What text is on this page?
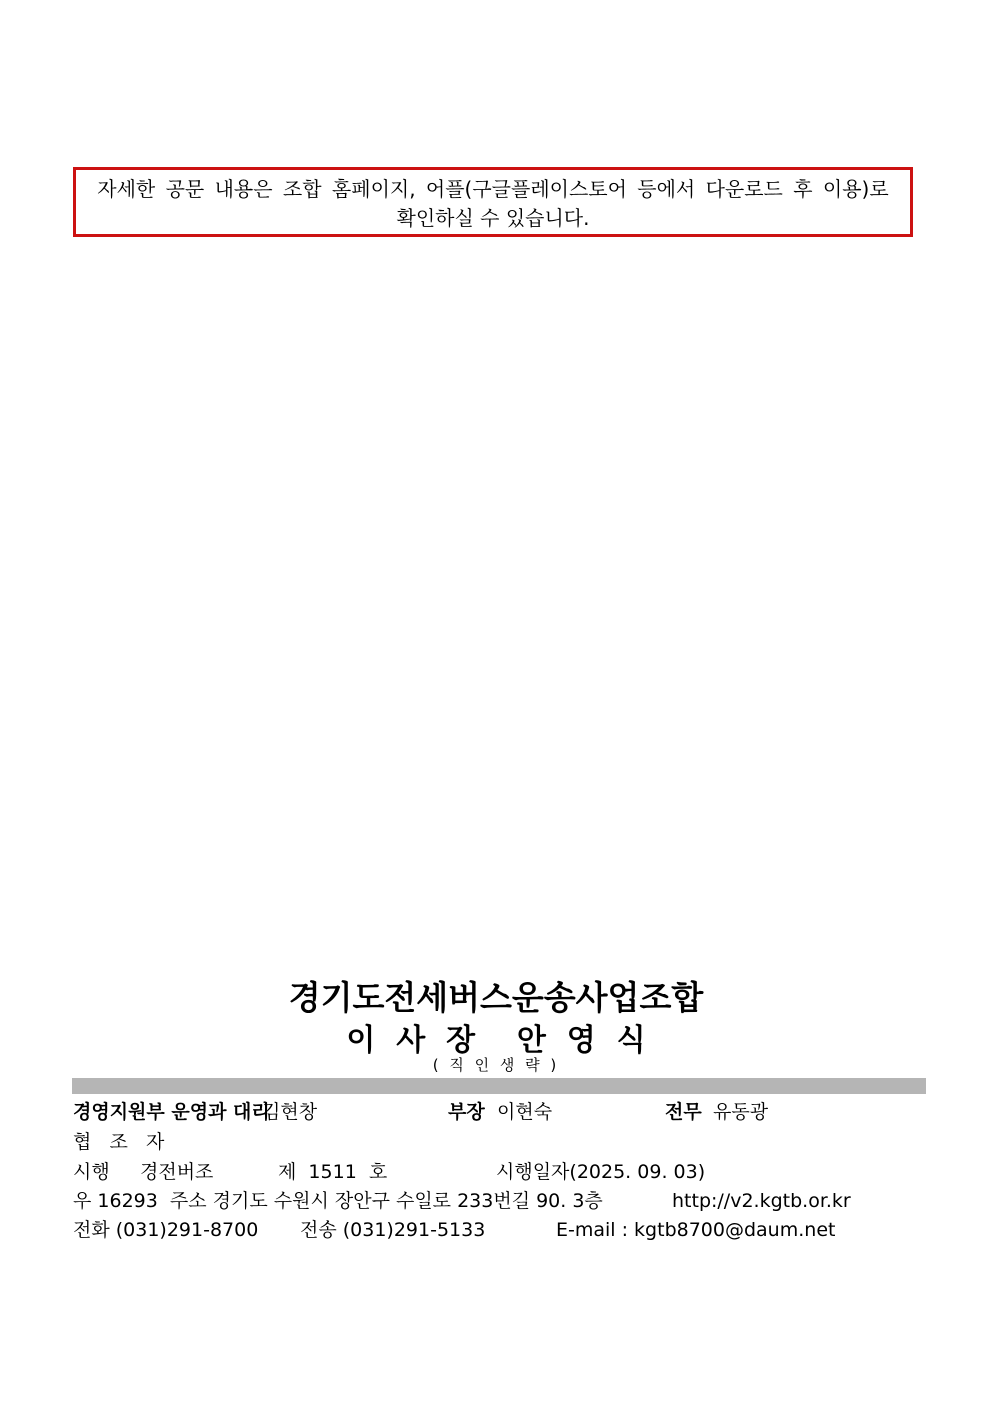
자세한 공문 내용은 조합 홈페이지, 어플(구글플레이스토어 등에서 다운로드 후 이용)로
확인하실 수 있습니다.
경기도전세버스운송사업조합
이  사  장    안  영  식
( 직 인 생 략 )
경영지원부 운영과 대리
김현창	부장 이현숙	전무 유동광
협   조   자
시행 경전버조	제  1511  호	시행일자(2025. 09. 03)
우 16293  주소 경기도 수원시 장안구 수일로 233번길 90. 3층	http://v2.kgtb.or.kr
전화 (031)291-8700 전송 (031)291-5133	E-mail : kgtb8700@daum.net
